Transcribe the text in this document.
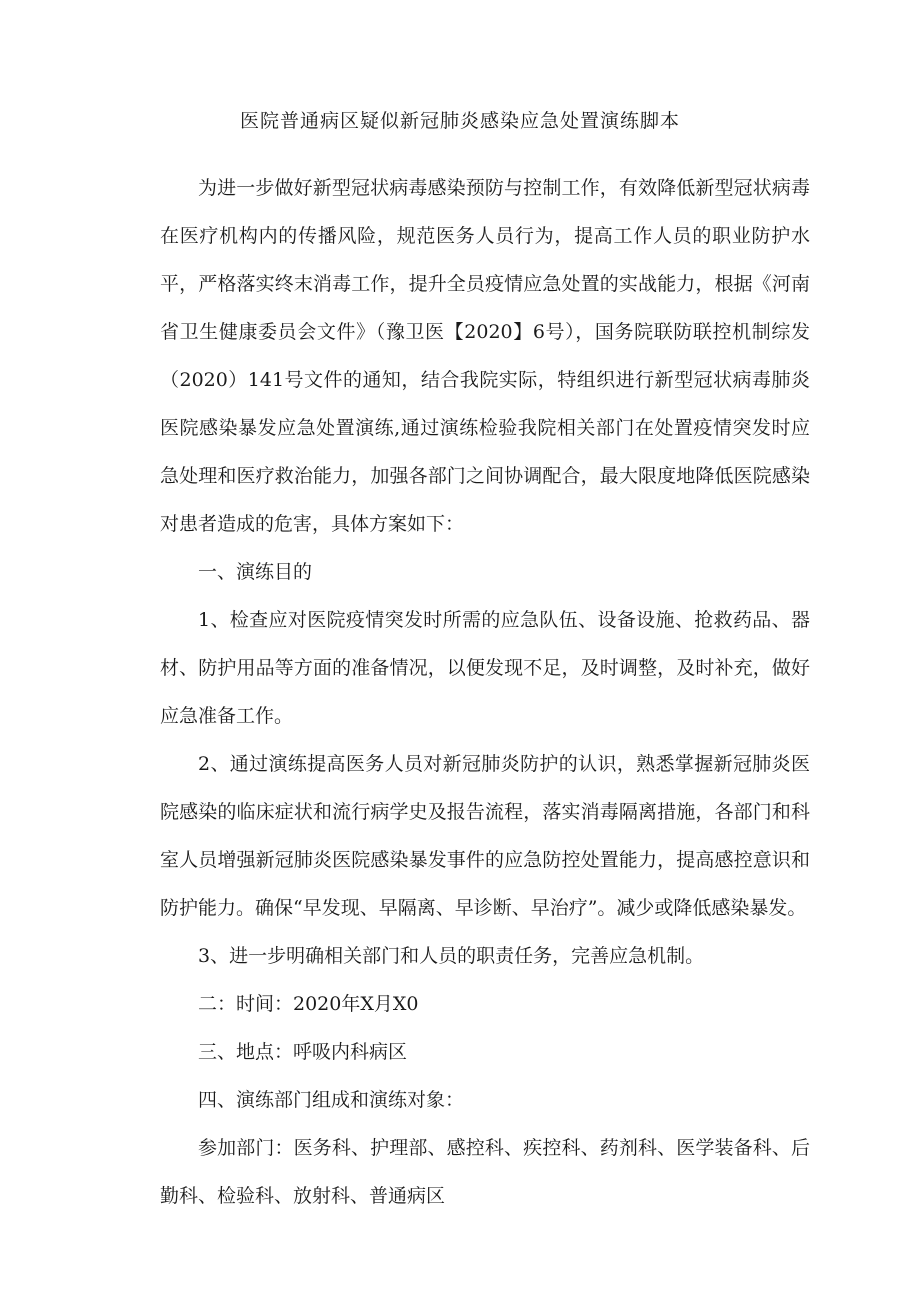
医院普通病区疑似新冠肺炎感染应急处置演练脚本

为进一步做好新型冠状病毒感染预防与控制工作，有效降低新型冠状病毒在医疗机构内的传播风险，规范医务人员行为，提高工作人员的职业防护水平，严格落实终末消毒工作，提升全员疫情应急处置的实战能力，根据《河南省卫生健康委员会文件》（豫卫医【2020】6号），国务院联防联控机制综发（2020）141号文件的通知，结合我院实际，特组织进行新型冠状病毒肺炎医院感染暴发应急处置演练,通过演练检验我院相关部门在处置疫情突发时应急处理和医疗救治能力，加强各部门之间协调配合，最大限度地降低医院感染对患者造成的危害，具体方案如下：

一、演练目的

1、检查应对医院疫情突发时所需的应急队伍、设备设施、抢救药品、器材、防护用品等方面的准备情况，以便发现不足，及时调整，及时补充，做好应急准备工作。

2、通过演练提高医务人员对新冠肺炎防护的认识，熟悉掌握新冠肺炎医院感染的临床症状和流行病学史及报告流程，落实消毒隔离措施，各部门和科室人员增强新冠肺炎医院感染暴发事件的应急防控处置能力，提高感控意识和防护能力。确保“早发现、早隔离、早诊断、早治疗”。减少或降低感染暴发。

3、进一步明确相关部门和人员的职责任务，完善应急机制。

二：时间：2020年X月X0

三、地点：呼吸内科病区

四、演练部门组成和演练对象：

参加部门：医务科、护理部、感控科、疾控科、药剂科、医学装备科、后勤科、检验科、放射科、普通病区
